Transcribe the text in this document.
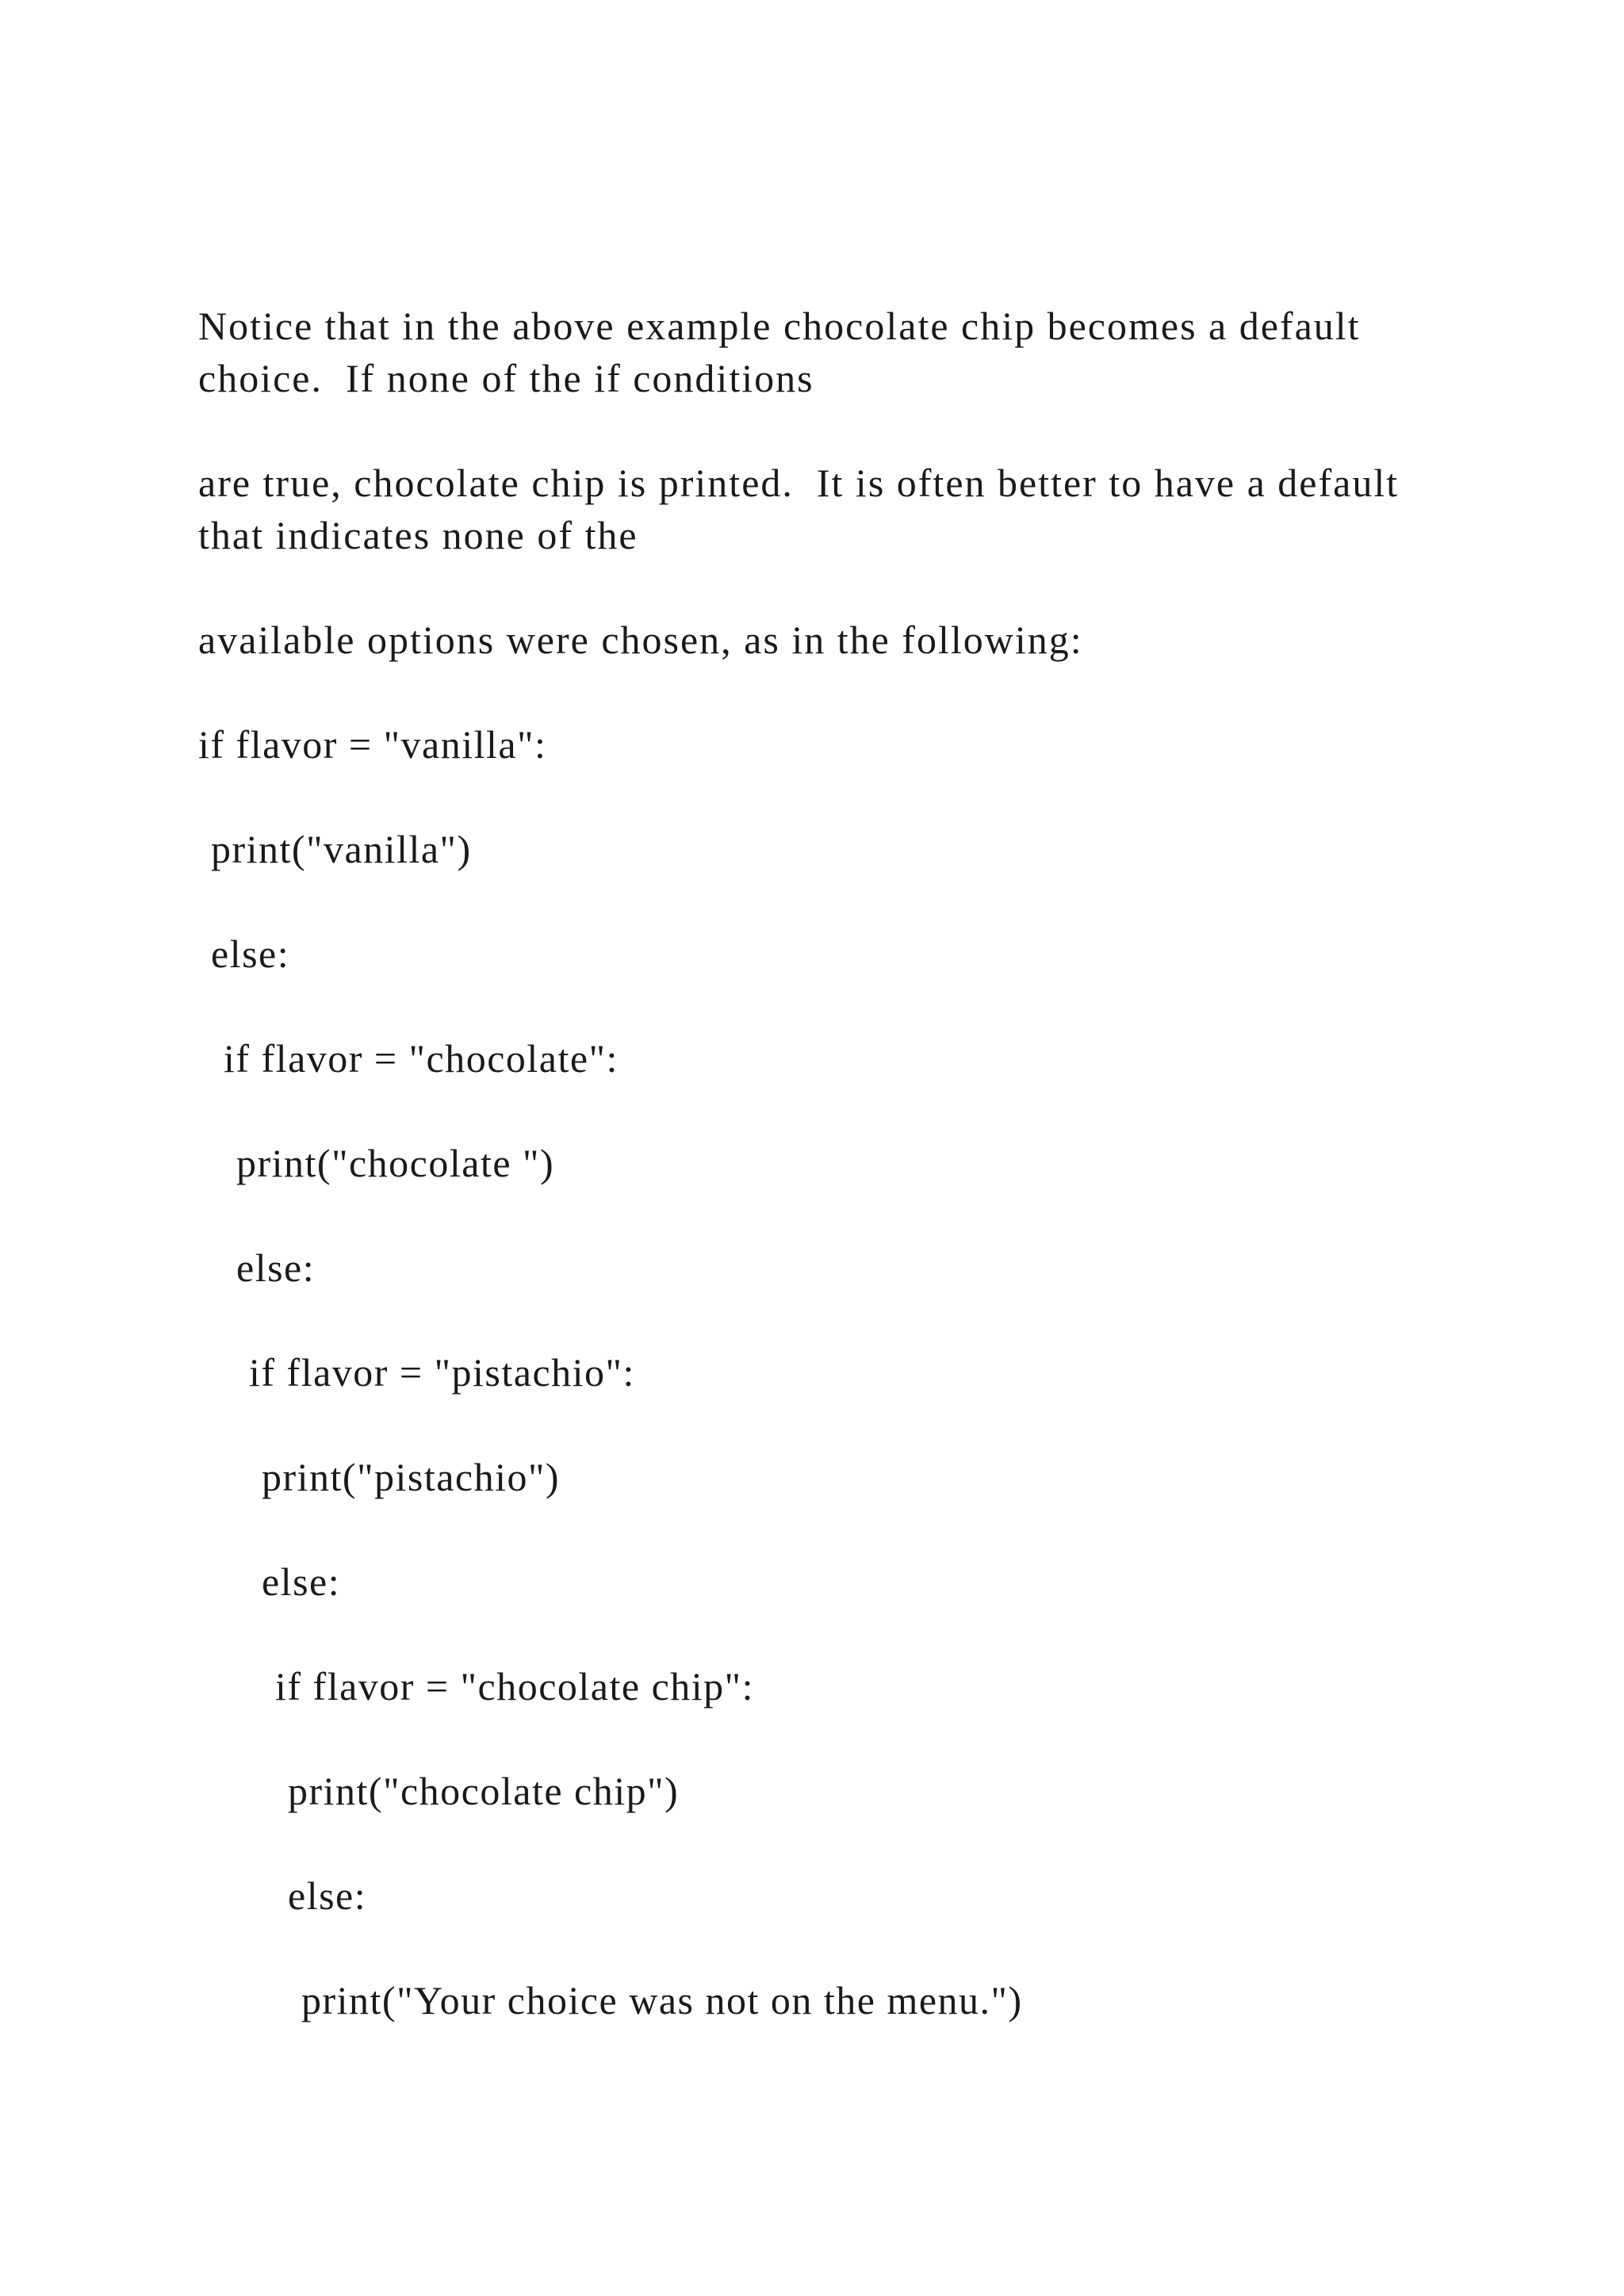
Notice that in the above example chocolate chip becomes a default choice.  If none of the if conditions

are true, chocolate chip is printed.  It is often better to have a default that indicates none of the

available options were chosen, as in the following:

if flavor = "vanilla":
print("vanilla")
else:
if flavor = "chocolate":
print("chocolate ")
else:
if flavor = "pistachio":
print("pistachio")
else:
if flavor = "chocolate chip":
print("chocolate chip")
else:
print("Your choice was not on the menu.")
